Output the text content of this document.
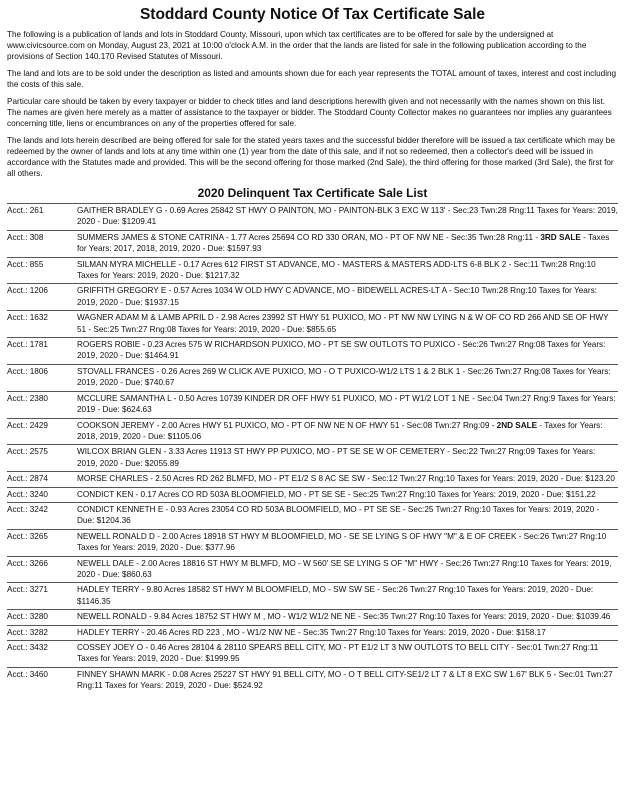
Stoddard County Notice Of Tax Certificate Sale

The following is a publication of lands and lots in Stoddard County, Missouri, upon which tax certificates are to be offered for sale by the undersigned at www.civicsource.com on Monday, August 23, 2021 at 10:00 o'clock A.M. in the order that the lands are listed for sale in the following publication according to the provisions of Section 140.170 Revised Statutes of Missouri.

The land and lots are to be sold under the description as listed and amounts shown due for each year represents the TOTAL amount of taxes, interest and cost including the costs of this sale.

Particular care should be taken by every taxpayer or bidder to check titles and land descriptions herewith given and not necessarily with the names shown on this list. The names are given here merely as a matter of assistance to the taxpayer or bidder. The Stoddard County Collector makes no guarantees nor implies any guarantees concerning title, liens or encumbrances on any of the properties offered for sale.

The lands and lots herein described are being offered for sale for the stated years taxes and the successful bidder therefore will be issued a tax certificate which may be redeemed by the owner of lands and lots at any time within one (1) year from the date of this sale, and if not so redeemed, then a collector's deed will be issued in accordance with the Statutes made and provided. This will be the second offering for those marked (2nd Sale), the third offering for those marked (3rd Sale), the first for all others.

2020 Delinquent Tax Certificate Sale List
Acct.: 261	GAITHER BRADLEY G - 0.69 Acres 25842 ST HWY O PAINTON, MO - PAINTON-BLK 3 EXC W 113' - Sec:23 Twn:28 Rng:11 Taxes for Years: 2019, 2020 - Due: $1209.41
Acct.: 308	SUMMERS JAMES & STONE CATRINA - 1.77 Acres 25694 CO RD 330 ORAN, MO - PT OF NW NE - Sec:35 Twn:28 Rng:11 - 3RD SALE - Taxes for Years: 2017, 2018, 2019, 2020 - Due: $1597.93
Acct.: 855	SILMAN MYRA MICHELLE - 0.17 Acres 612 FIRST ST ADVANCE, MO - MASTERS & MASTERS ADD-LTS 6-8 BLK 2 - Sec:11 Twn:28 Rng:10 Taxes for Years: 2019, 2020 - Due: $1217.32
Acct.: 1206	GRIFFITH GREGORY E - 0.57 Acres 1034 W OLD HWY C ADVANCE, MO - BIDEWELL ACRES-LT A - Sec:10 Twn:28 Rng:10 Taxes for Years: 2019, 2020 - Due: $1937.15
Acct.: 1632	WAGNER ADAM M & LAMB APRIL D - 2.98 Acres 23992 ST HWY 51 PUXICO, MO - PT NW NW LYING N & W OF CO RD 266 AND SE OF HWY 51 - Sec:25 Twn:27 Rng:08 Taxes for Years: 2019, 2020 - Due: $855.65
Acct.: 1781	ROGERS ROBIE - 0.23 Acres 575 W RICHARDSON PUXICO, MO - PT SE SW OUTLOTS TO PUXICO - Sec:26 Twn:27 Rng:08 Taxes for Years: 2019, 2020 - Due: $1464.91
Acct.: 1806	STOVALL FRANCES - 0.26 Acres 269 W CLICK AVE PUXICO, MO - O T PUXICO-W1/2 LTS 1 & 2 BLK 1 - Sec:26 Twn:27 Rng:08 Taxes for Years: 2019, 2020 - Due: $740.67
Acct.: 2380	MCCLURE SAMANTHA L - 0.50 Acres 10739 KINDER DR OFF HWY 51 PUXICO, MO - PT W1/2 LOT 1 NE - Sec:04 Twn:27 Rng:9 Taxes for Years: 2019 - Due: $624.63
Acct.: 2429	COOKSON JEREMY - 2.00 Acres HWY 51 PUXICO, MO - PT OF NW NE N OF HWY 51 - Sec:08 Twn:27 Rng:09 - 2ND SALE - Taxes for Years: 2018, 2019, 2020 - Due: $1105.06
Acct.: 2575	WILCOX BRIAN GLEN - 3.33 Acres 11913 ST HWY PP PUXICO, MO - PT SE SE W OF CEMETERY - Sec:22 Twn:27 Rng:09 Taxes for Years: 2019, 2020 - Due: $2055.89
Acct.: 2874	MORSE CHARLES - 2.50 Acres RD 262 BLMFD, MO - PT E1/2 S 8 AC SE SW - Sec:12 Twn:27 Rng:10 Taxes for Years: 2019, 2020 - Due: $123.20
Acct.: 3240	CONDICT KEN - 0.17 Acres CO RD 503A BLOOMFIELD, MO - PT SE SE - Sec:25 Twn:27 Rng:10 Taxes for Years: 2019, 2020 - Due: $151.22
Acct.: 3242	CONDICT KENNETH E - 0.93 Acres 23054 CO RD 503A BLOOMFIELD, MO - PT SE SE - Sec:25 Twn:27 Rng:10 Taxes for Years: 2019, 2020 - Due: $1204.36
Acct.: 3265	NEWELL RONALD D - 2.00 Acres 18918 ST HWY M BLOOMFIELD, MO - SE SE LYING S OF HWY "M" & E OF CREEK - Sec:26 Twn:27 Rng:10 Taxes for Years: 2019, 2020 - Due: $377.96
Acct.: 3266	NEWELL DALE - 2.00 Acres 18816 ST HWY M BLMFD, MO - W 560' SE SE LYING S OF "M" HWY - Sec:26 Twn:27 Rng:10 Taxes for Years: 2019, 2020 - Due: $860.63
Acct.: 3271	HADLEY TERRY - 9.80 Acres 18582 ST HWY M BLOOMFIELD, MO - SW SW SE - Sec:26 Twn:27 Rng:10 Taxes for Years: 2019, 2020 - Due: $1146.35
Acct.: 3280	NEWELL RONALD - 9.84 Acres 18752 ST HWY M , MO - W1/2 W1/2 NE NE - Sec:35 Twn:27 Rng:10 Taxes for Years: 2019, 2020 - Due: $1039.46
Acct.: 3282	HADLEY TERRY - 20.46 Acres RD 223 , MO - W1/2 NW NE - Sec:35 Twn:27 Rng:10 Taxes for Years: 2019, 2020 - Due: $158.17
Acct.: 3432	COSSEY JOEY O - 0.46 Acres 28104 & 28110 SPEARS BELL CITY, MO - PT E1/2 LT 3 NW OUTLOTS TO BELL CITY - Sec:01 Twn:27 Rng:11 Taxes for Years: 2019, 2020 - Due: $1999.95
Acct.: 3460	FINNEY SHAWN MARK - 0.08 Acres 25227 ST HWY 91 BELL CITY, MO - O T BELL CITY-SE1/2 LT 7 & LT 8 EXC SW 1.67' BLK 5 - Sec:01 Twn:27 Rng:11 Taxes for Years: 2019, 2020 - Due: $524.92
